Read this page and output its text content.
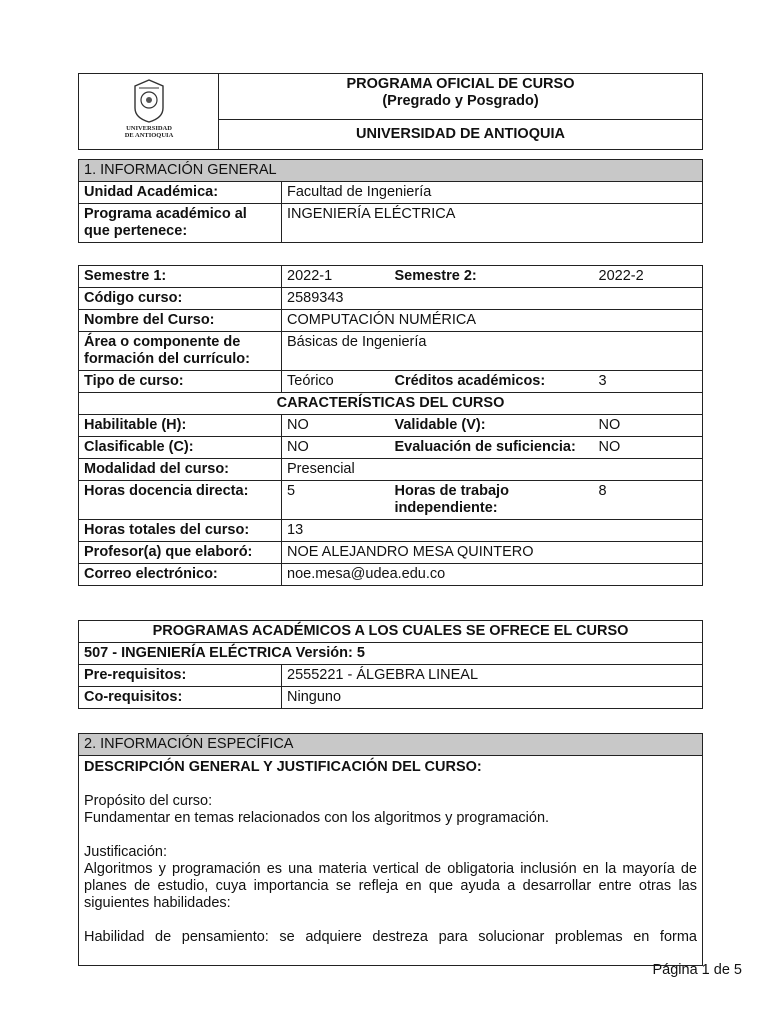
UNIVERSIDAD
DE ANTIOQUIA

PROGRAMA OFICIAL DE CURSO
(Pregrado y Posgrado)

UNIVERSIDAD DE ANTIOQUIA
1. INFORMACIÓN GENERAL	
Unidad Académica:	Facultad de Ingeniería

Programa académico al
que pertenece:	INGENIERÍA ELÉCTRICA
Semestre 1:	2022-1	Semestre 2:	2022-2
Código curso:	2589343		
Nombre del Curso:	COMPUTACIÓN NUMÉRICA		

Área o componente de
formación del currículo:	Básicas de Ingeniería		
Tipo de curso:	Teórico	Créditos académicos:	3
CARACTERÍSTICAS DEL CURSO			
Habilitable (H):	NO	Validable (V):	NO
Clasificable (C):	NO	Evaluación de suficiencia:	NO
Modalidad del curso:	Presencial		
Horas docencia directa:	5	Horas de trabajo
independiente:	8
Horas totales del curso:	13		
Profesor(a) que elaboró:	NOE ALEJANDRO MESA QUINTERO		
Correo electrónico:	noe.mesa@udea.edu.co		
PROGRAMAS ACADÉMICOS A LOS CUALES SE OFRECE EL CURSO	
507 - INGENIERÍA ELÉCTRICA Versión: 5	
Pre-requisitos:	2555221 - ÁLGEBRA LINEAL
Co-requisitos:	Ninguno
2. INFORMACIÓN ESPECÍFICA

DESCRIPCIÓN GENERAL Y JUSTIFICACIÓN DEL CURSO:

Propósito del curso:
Fundamentar en temas relacionados con los algoritmos y programación.

Justificación:
Algoritmos y programación es una materia vertical de obligatoria inclusión en la mayoría de planes de estudio, cuya importancia se refleja en que ayuda a desarrollar entre otras las siguientes habilidades:

Habilidad de pensamiento: se adquiere destreza para solucionar problemas en forma

Página 1 de 5
